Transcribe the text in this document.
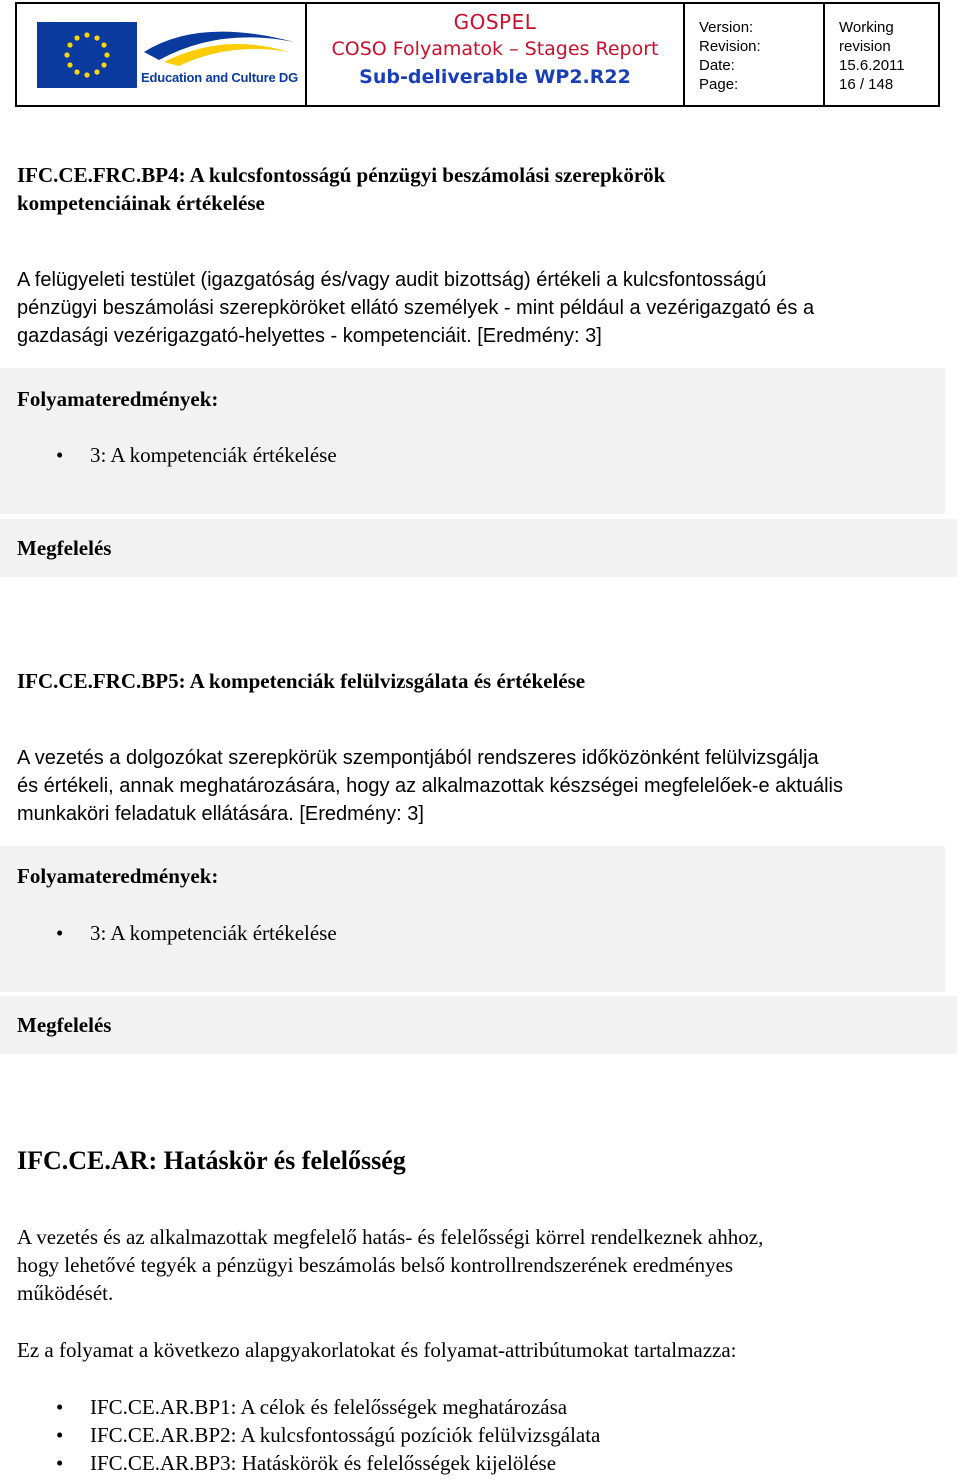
Education and Culture DG
GOSPEL
COSO Folyamatok – Stages Report
Sub-deliverable WP2.R22
Version:
Revision:
Date:
Page:
Working
revision
15.6.2011
16 / 148
IFC.CE.FRC.BP4: A kulcsfontosságú pénzügyi beszámolási szerepkörök
kompetenciáinak értékelése
A felügyeleti testület (igazgatóság és/vagy audit bizottság) értékeli a kulcsfontosságú
pénzügyi beszámolási szerepköröket ellátó személyek - mint például a vezérigazgató és a
gazdasági vezérigazgató-helyettes - kompetenciáit. [Eredmény: 3]
Folyamateredmények:
• 3: A kompetenciák értékelése
Megfelelés
IFC.CE.FRC.BP5: A kompetenciák felülvizsgálata és értékelése
A vezetés a dolgozókat szerepkörük szempontjából rendszeres időközönként felülvizsgálja
és értékeli, annak meghatározására, hogy az alkalmazottak készségei megfelelőek-e aktuális
munkaköri feladatuk ellátására. [Eredmény: 3]
Folyamateredmények:
• 3: A kompetenciák értékelése
Megfelelés
IFC.CE.AR: Hatáskör és felelősség
A vezetés és az alkalmazottak megfelelő hatás- és felelősségi körrel rendelkeznek ahhoz,
hogy lehetővé tegyék a pénzügyi beszámolás belső kontrollrendszerének eredményes
működését.
Ez a folyamat a következo alapgyakorlatokat és folyamat-attribútumokat tartalmazza:
• IFC.CE.AR.BP1: A célok és felelősségek meghatározása
• IFC.CE.AR.BP2: A kulcsfontosságú pozíciók felülvizsgálata
• IFC.CE.AR.BP3: Hatáskörök és felelősségek kijelölése
